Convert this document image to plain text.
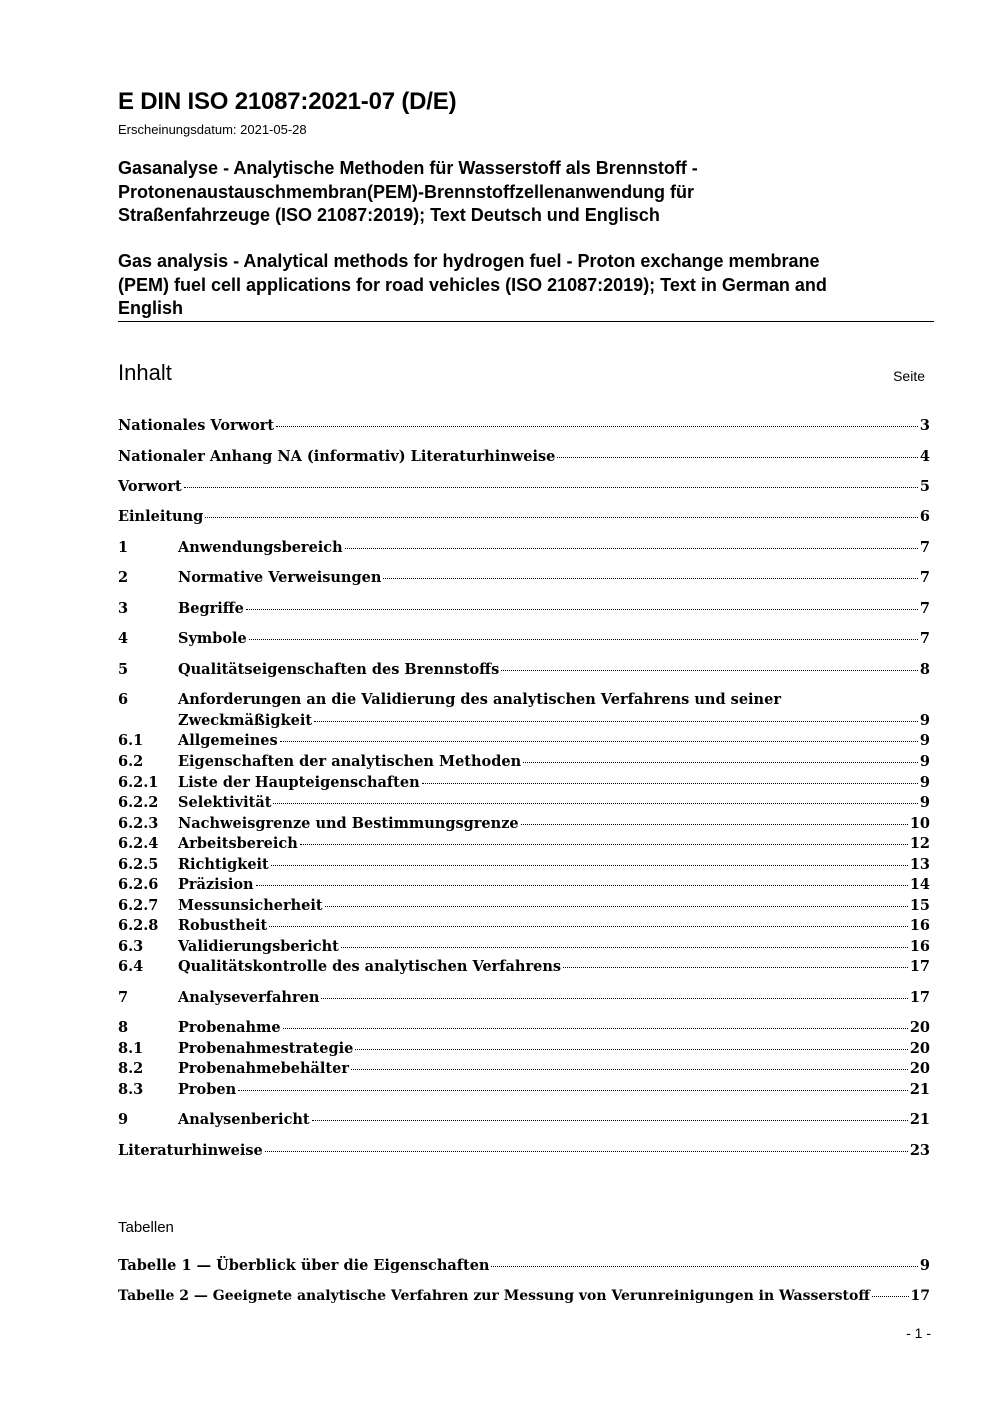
E DIN ISO 21087:2021-07 (D/E)
Erscheinungsdatum: 2021-05-28
Gasanalyse - Analytische Methoden für Wasserstoff als Brennstoff -
Protonenaustauschmembran(PEM)-Brennstoffzellenanwendung für
Straßenfahrzeuge (ISO 21087:2019); Text Deutsch und Englisch
Gas analysis - Analytical methods for hydrogen fuel - Proton exchange membrane
(PEM) fuel cell applications for road vehicles (ISO 21087:2019); Text in German and
English
Inhalt	Seite
Nationales Vorwort	3
Nationaler Anhang NA (informativ) Literaturhinweise	4
Vorwort	5
Einleitung	6
1	Anwendungsbereich	7
2	Normative Verweisungen	7
3	Begriffe	7
4	Symbole	7
5	Qualitätseigenschaften des Brennstoffs	8
6	Anforderungen an die Validierung des analytischen Verfahrens und seiner
Zweckmäßigkeit	9
6.1	Allgemeines	9
6.2	Eigenschaften der analytischen Methoden	9
6.2.1	Liste der Haupteigenschaften	9
6.2.2	Selektivität	9
6.2.3	Nachweisgrenze und Bestimmungsgrenze	10
6.2.4	Arbeitsbereich	12
6.2.5	Richtigkeit	13
6.2.6	Präzision	14
6.2.7	Messunsicherheit	15
6.2.8	Robustheit	16
6.3	Validierungsbericht	16
6.4	Qualitätskontrolle des analytischen Verfahrens	17
7	Analyseverfahren	17
8	Probenahme	20
8.1	Probenahmestrategie	20
8.2	Probenahmebehälter	20
8.3	Proben	21
9	Analysenbericht	21
Literaturhinweise	23
Tabellen
Tabelle 1 — Überblick über die Eigenschaften	9
Tabelle 2 — Geeignete analytische Verfahren zur Messung von Verunreinigungen in Wasserstoff	17
- 1 -
